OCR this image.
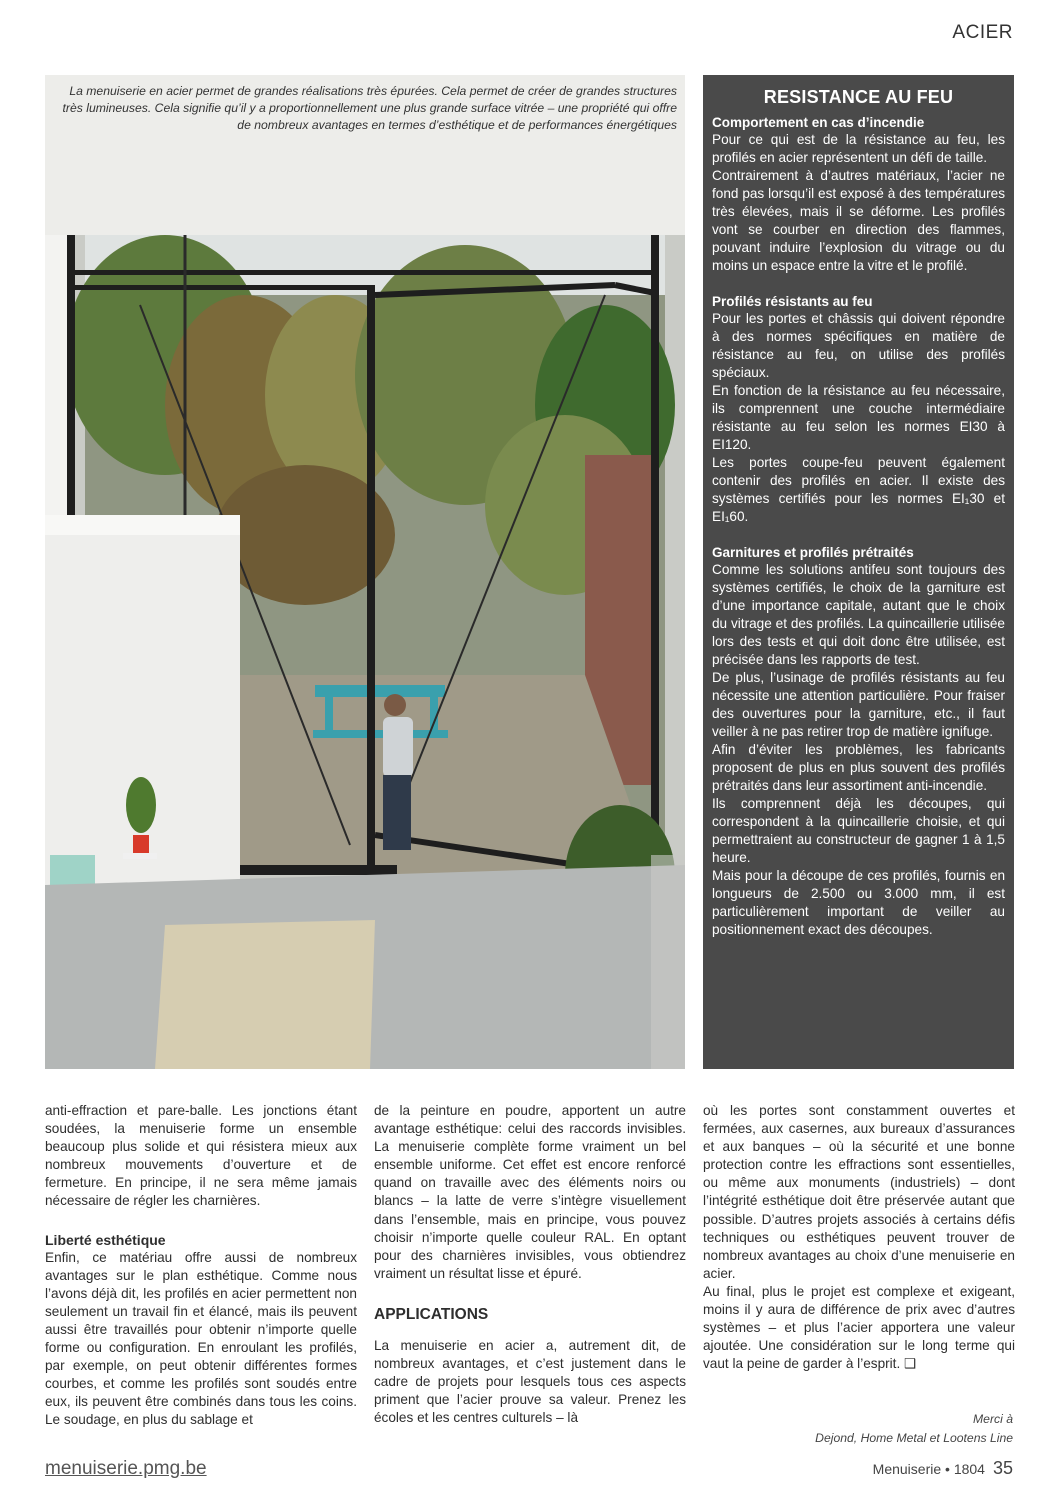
ACIER
La menuiserie en acier permet de grandes réalisations très épurées. Cela permet de créer de grandes structures très lumineuses. Cela signifie qu’il y a proportionnellement une plus grande surface vitrée – une propriété qui offre de nombreux avantages en termes d’esthétique et de performances énergétiques
RESISTANCE AU FEU
Comportement en cas d’incendie

Pour ce qui est de la résistance au feu, les profilés en acier représentent un défi de taille.

Contrairement à d’autres matériaux, l’acier ne fond pas lorsqu’il est exposé à des températures très élevées, mais il se déforme. Les profilés vont se courber en direction des flammes, pouvant induire l’explosion du vitrage ou du moins un espace entre la vitre et le profilé.

Profilés résistants au feu

Pour les portes et châssis qui doivent répondre à des normes spécifiques en matière de résistance au feu, on utilise des profilés spéciaux.

En fonction de la résistance au feu nécessaire, ils comprennent une couche intermédiaire résistante au feu selon les normes EI30 à EI120.

Les portes coupe-feu peuvent également contenir des profilés en acier. Il existe des systèmes certifiés pour les normes EI₁30 et EI₁60.

Garnitures et profilés prétraités

Comme les solutions antifeu sont toujours des systèmes certifiés, le choix de la garniture est d’une importance capitale, autant que le choix du vitrage et des profilés. La quincaillerie utilisée lors des tests et qui doit donc être utilisée, est précisée dans les rapports de test.

De plus, l’usinage de profilés résistants au feu nécessite une attention particulière. Pour fraiser des ouvertures pour la garniture, etc., il faut veiller à ne pas retirer trop de matière ignifuge.

Afin d’éviter les problèmes, les fabricants proposent de plus en plus souvent des profilés prétraités dans leur assortiment anti-incendie.

Ils comprennent déjà les découpes, qui correspondent à la quincaillerie choisie, et qui permettraient au constructeur de gagner 1 à 1,5 heure.

Mais pour la découpe de ces profilés, fournis en longueurs de 2.500 ou 3.000 mm, il est particulièrement important de veiller au positionnement exact des découpes.

anti-effraction et pare-balle. Les jonctions étant soudées, la menuiserie forme un ensemble beaucoup plus solide et qui résistera mieux aux nombreux mouvements d’ouverture et de fermeture. En principe, il ne sera même jamais nécessaire de régler les charnières.

Liberté esthétique

Enfin, ce matériau offre aussi de nombreux avantages sur le plan esthétique. Comme nous l’avons déjà dit, les profilés en acier permettent non seulement un travail fin et élancé, mais ils peuvent aussi être travaillés pour obtenir n’importe quelle forme ou configuration. En enroulant les profilés, par exemple, on peut obtenir différentes formes courbes, et comme les profilés sont soudés entre eux, ils peuvent être combinés dans tous les coins. Le soudage, en plus du sablage et

de la peinture en poudre, apportent un autre avantage esthétique: celui des raccords invisibles. La menuiserie complète forme vraiment un bel ensemble uniforme. Cet effet est encore renforcé quand on travaille avec des éléments noirs ou blancs – la latte de verre s’intègre visuellement dans l’ensemble, mais en principe, vous pouvez choisir n’importe quelle couleur RAL. En optant pour des charnières invisibles, vous obtiendrez vraiment un résultat lisse et épuré.

APPLICATIONS

La menuiserie en acier a, autrement dit, de nombreux avantages, et c’est justement dans le cadre de projets pour lesquels tous ces aspects priment que l’acier prouve sa valeur. Prenez les écoles et les centres culturels – là

où les portes sont constamment ouvertes et fermées, aux casernes, aux bureaux d’assurances et aux banques – où la sécurité et une bonne protection contre les effractions sont essentielles, ou même aux monuments (industriels) – dont l’intégrité esthétique doit être préservée autant que possible. D’autres projets associés à certains défis techniques ou esthétiques peuvent trouver de nombreux avantages au choix d’une menuiserie en acier.

Au final, plus le projet est complexe et exigeant, moins il y aura de différence de prix avec d’autres systèmes – et plus l’acier apportera une valeur ajoutée. Une considération sur le long terme qui vaut la peine de garder à l’esprit. ❑

Merci à
Dejond, Home Metal et Lootens Line
menuiserie.pmg.be	Menuiserie • 1804 35
